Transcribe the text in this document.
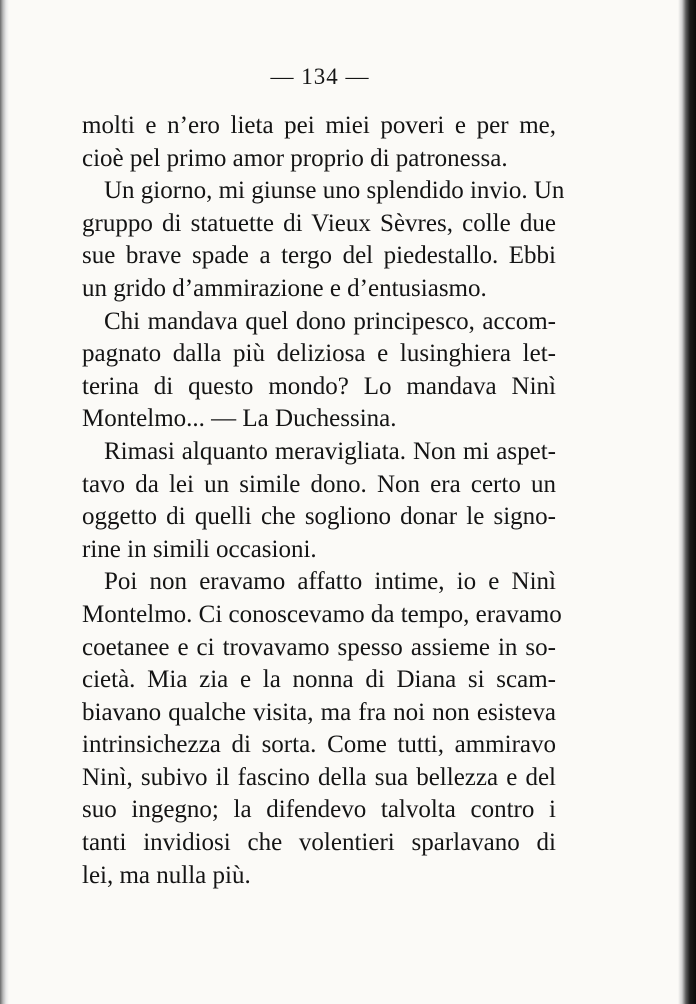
— 134 —
molti e n’ero lieta pei miei poveri e per me,
cioè pel primo amor proprio di patronessa.
Un giorno, mi giunse uno splendido invio. Un
gruppo di statuette di Vieux Sèvres, colle due
sue brave spade a tergo del piedestallo. Ebbi
un grido d’ammirazione e d’entusiasmo.
Chi mandava quel dono principesco, accom-
pagnato dalla più deliziosa e lusinghiera let-
terina di questo mondo? Lo mandava Ninì
Montelmo... — La Duchessina.
Rimasi alquanto meravigliata. Non mi aspet-
tavo da lei un simile dono. Non era certo un
oggetto di quelli che sogliono donar le signo-
rine in simili occasioni.
Poi non eravamo affatto intime, io e Ninì
Montelmo. Ci conoscevamo da tempo, eravamo
coetanee e ci trovavamo spesso assieme in so-
cietà. Mia zia e la nonna di Diana si scam-
biavano qualche visita, ma fra noi non esisteva
intrinsichezza di sorta. Come tutti, ammiravo
Ninì, subivo il fascino della sua bellezza e del
suo ingegno; la difendevo talvolta contro i
tanti invidiosi che volentieri sparlavano di
lei, ma nulla più.
